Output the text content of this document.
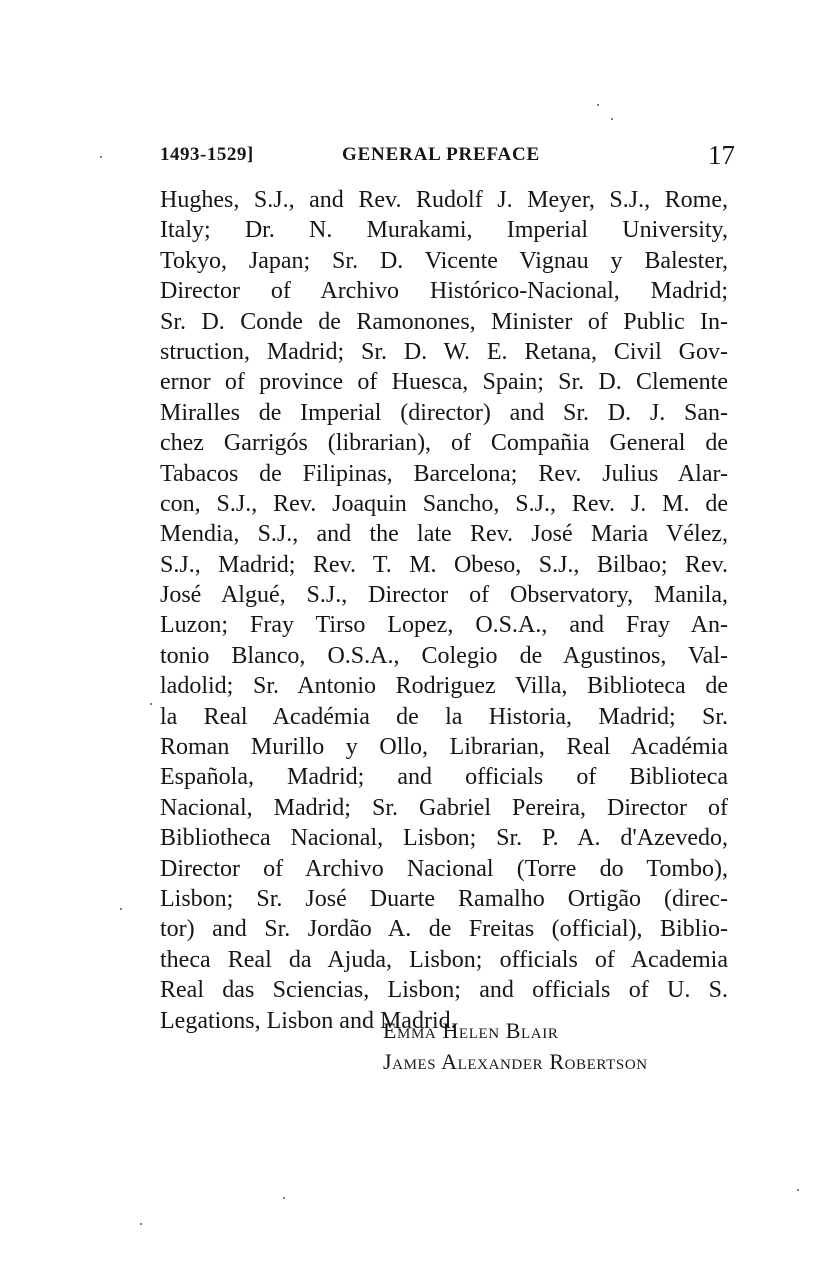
1493-1529]	GENERAL PREFACE	17
Hughes, S.J., and Rev. Rudolf J. Meyer, S.J., Rome,
Italy; Dr. N. Murakami, Imperial University,
Tokyo, Japan; Sr. D. Vicente Vignau y Balester,
Director of Archivo Histórico-Nacional, Madrid;
Sr. D. Conde de Ramonones, Minister of Public In-
struction, Madrid; Sr. D. W. E. Retana, Civil Gov-
ernor of province of Huesca, Spain; Sr. D. Clemente
Miralles de Imperial (director) and Sr. D. J. San-
chez Garrigós (librarian), of Compañia General de
Tabacos de Filipinas, Barcelona; Rev. Julius Alar-
con, S.J., Rev. Joaquin Sancho, S.J., Rev. J. M. de
Mendia, S.J., and the late Rev. José Maria Vélez,
S.J., Madrid; Rev. T. M. Obeso, S.J., Bilbao; Rev.
José Algué, S.J., Director of Observatory, Manila,
Luzon; Fray Tirso Lopez, O.S.A., and Fray An-
tonio Blanco, O.S.A., Colegio de Agustinos, Val-
ladolid; Sr. Antonio Rodriguez Villa, Biblioteca de
la Real Académia de la Historia, Madrid; Sr.
Roman Murillo y Ollo, Librarian, Real Académia
Española, Madrid; and officials of Biblioteca
Nacional, Madrid; Sr. Gabriel Pereira, Director of
Bibliotheca Nacional, Lisbon; Sr. P. A. d'Azevedo,
Director of Archivo Nacional (Torre do Tombo),
Lisbon; Sr. José Duarte Ramalho Ortigão (direc-
tor) and Sr. Jordão A. de Freitas (official), Biblio-
theca Real da Ajuda, Lisbon; officials of Academia
Real das Sciencias, Lisbon; and officials of U. S.
Legations, Lisbon and Madrid.
Emma Helen Blair
James Alexander Robertson
